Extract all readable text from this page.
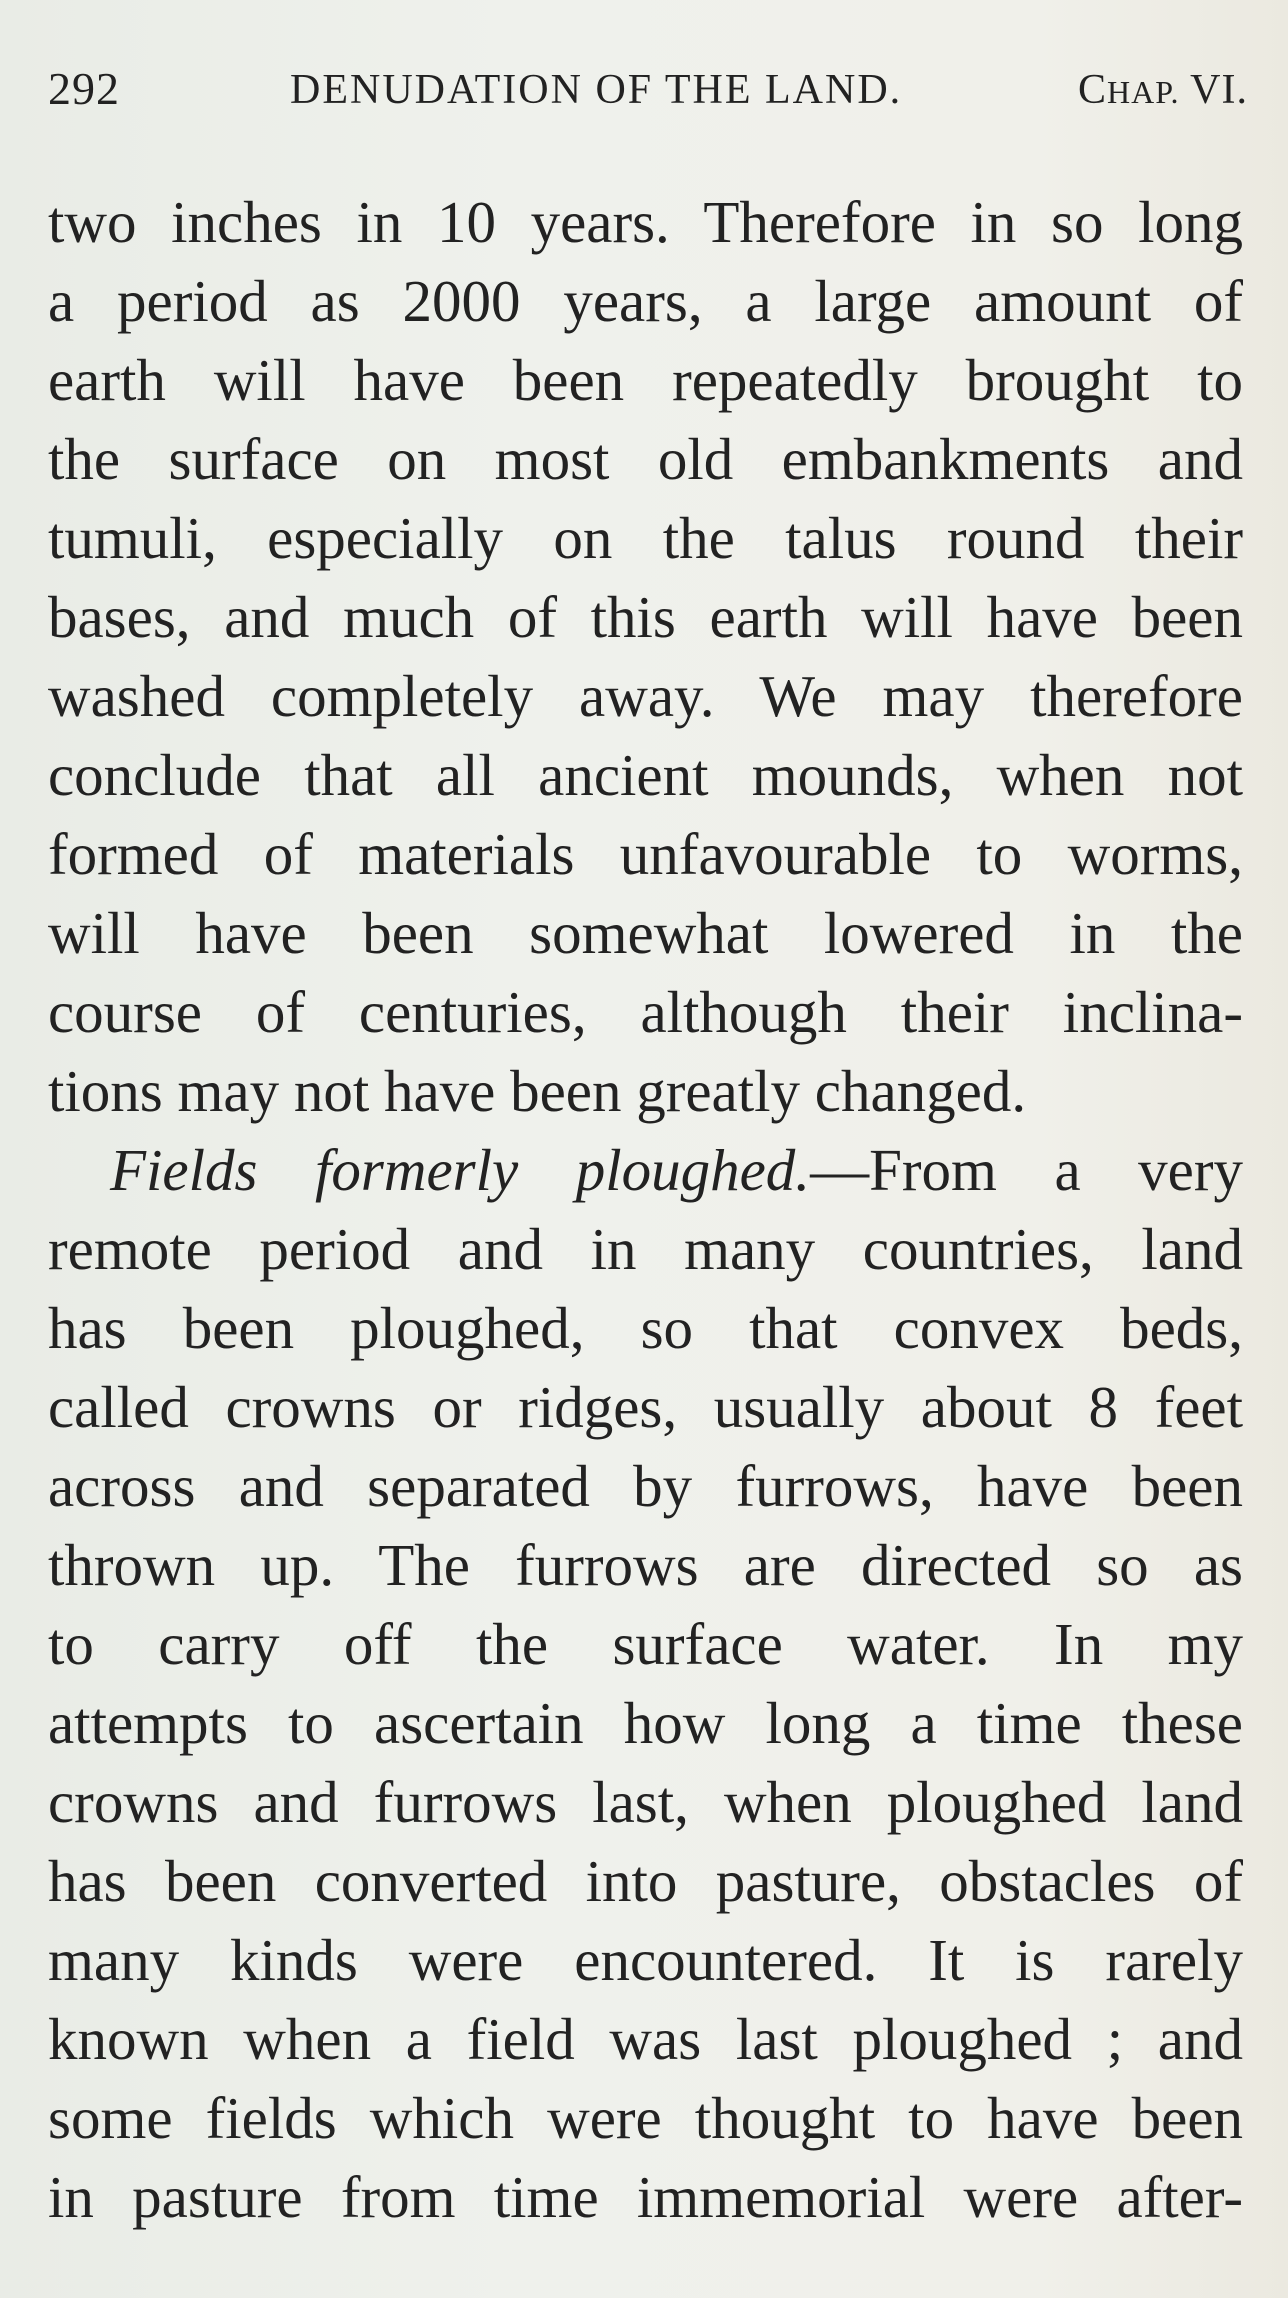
292	DENUDATION OF THE LAND.	CHAP. VI.
two inches in 10 years. Therefore in so long
a period as 2000 years, a large amount of
earth will have been repeatedly brought to
the surface on most old embankments and
tumuli, especially on the talus round their
bases, and much of this earth will have been
washed completely away. We may therefore
conclude that all ancient mounds, when not
formed of materials unfavourable to worms,
will have been somewhat lowered in the
course of centuries, although their inclina-
tions may not have been greatly changed.
Fields formerly ploughed.—From a very
remote period and in many countries, land
has been ploughed, so that convex beds,
called crowns or ridges, usually about 8 feet
across and separated by furrows, have been
thrown up. The furrows are directed so as
to carry off the surface water. In my
attempts to ascertain how long a time these
crowns and furrows last, when ploughed land
has been converted into pasture, obstacles of
many kinds were encountered. It is rarely
known when a field was last ploughed ; and
some fields which were thought to have been
in pasture from time immemorial were after-
